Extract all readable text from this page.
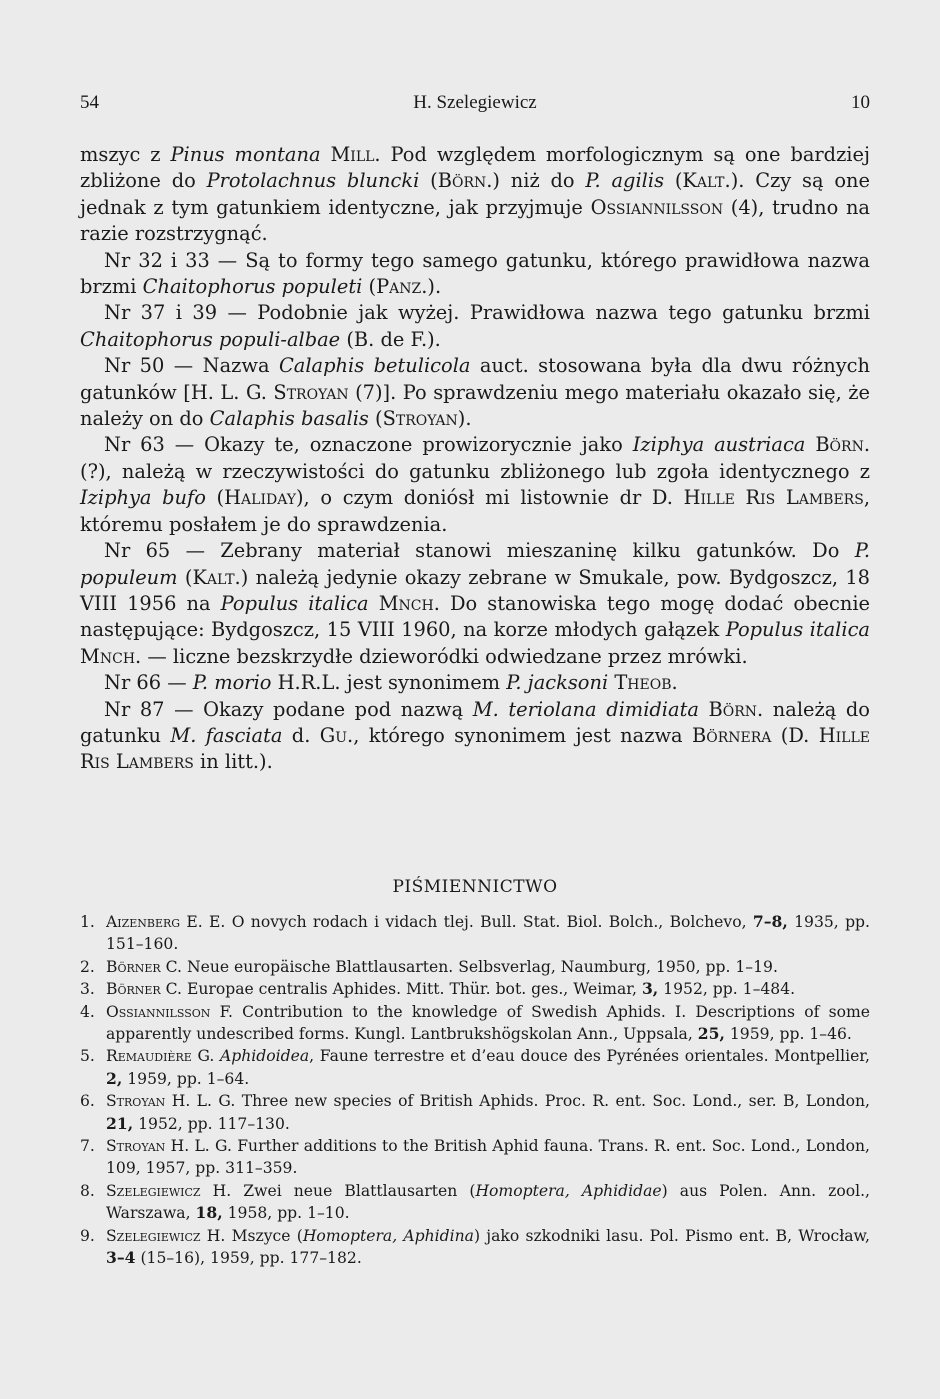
54	H. Szelegiewicz	10

mszyc z Pinus montana Mill. Pod względem morfologicznym są one bardziej zbliżone do Protolachnus bluncki (Börn.) niż do P. agilis (Kalt.). Czy są one jednak z tym gatunkiem identyczne, jak przyjmuje Ossiannilsson (4), trudno na razie rozstrzygnąć.

Nr 32 i 33 — Są to formy tego samego gatunku, którego prawidłowa nazwa brzmi Chaitophorus populeti (Panz.).

Nr 37 i 39 — Podobnie jak wyżej. Prawidłowa nazwa tego gatunku brzmi Chaitophorus populi-albae (B. de F.).

Nr 50 — Nazwa Calaphis betulicola auct. stosowana była dla dwu różnych gatunków [H. L. G. Stroyan (7)]. Po sprawdzeniu mego materiału okazało się, że należy on do Calaphis basalis (Stroyan).

Nr 63 — Okazy te, oznaczone prowizorycznie jako Iziphya austriaca Börn. (?), należą w rzeczywistości do gatunku zbliżonego lub zgoła identycznego z Iziphya bufo (Haliday), o czym doniósł mi listownie dr D. Hille Ris Lambers, któremu posłałem je do sprawdzenia.

Nr 65 — Zebrany materiał stanowi mieszaninę kilku gatunków. Do P. populeum (Kalt.) należą jedynie okazy zebrane w Smukale, pow. Bydgoszcz, 18 VIII 1956 na Populus italica Mnch. Do stanowiska tego mogę dodać obecnie następujące: Bydgoszcz, 15 VIII 1960, na korze młodych gałązek Populus italica Mnch. — liczne bezskrzydłe dzieworódki odwiedzane przez mrówki.

Nr 66 — P. morio H.R.L. jest synonimem P. jacksoni Theob.

Nr 87 — Okazy podane pod nazwą M. teriolana dimidiata Börn. należą do gatunku M. fasciata d. Gu., którego synonimem jest nazwa Börnera (D. Hille Ris Lambers in litt.).

PIŚMIENNICTWO
1. Aizenberg E. E. O novych rodach i vidach tlej. Bull. Stat. Biol. Bolch., Bolchevo, 7–8, 1935, pp. 151–160.
2. Börner C. Neue europäische Blattlausarten. Selbsverlag, Naumburg, 1950, pp. 1–19.
3. Börner C. Europae centralis Aphides. Mitt. Thür. bot. ges., Weimar, 3, 1952, pp. 1–484.
4. Ossiannilsson F. Contribution to the knowledge of Swedish Aphids. I. Descriptions of some apparently undescribed forms. Kungl. Lantbrukshögskolan Ann., Uppsala, 25, 1959, pp. 1–46.
5. Remaudière G. Aphidoidea, Faune terrestre et d’eau douce des Pyrénées orientales. Montpellier, 2, 1959, pp. 1–64.
6. Stroyan H. L. G. Three new species of British Aphids. Proc. R. ent. Soc. Lond., ser. B, London, 21, 1952, pp. 117–130.
7. Stroyan H. L. G. Further additions to the British Aphid fauna. Trans. R. ent. Soc. Lond., London, 109, 1957, pp. 311–359.
8. Szelegiewicz H. Zwei neue Blattlausarten (Homoptera, Aphididae) aus Polen. Ann. zool., Warszawa, 18, 1958, pp. 1–10.
9. Szelegiewicz H. Mszyce (Homoptera, Aphidina) jako szkodniki lasu. Pol. Pismo ent. B, Wrocław, 3–4 (15–16), 1959, pp. 177–182.
